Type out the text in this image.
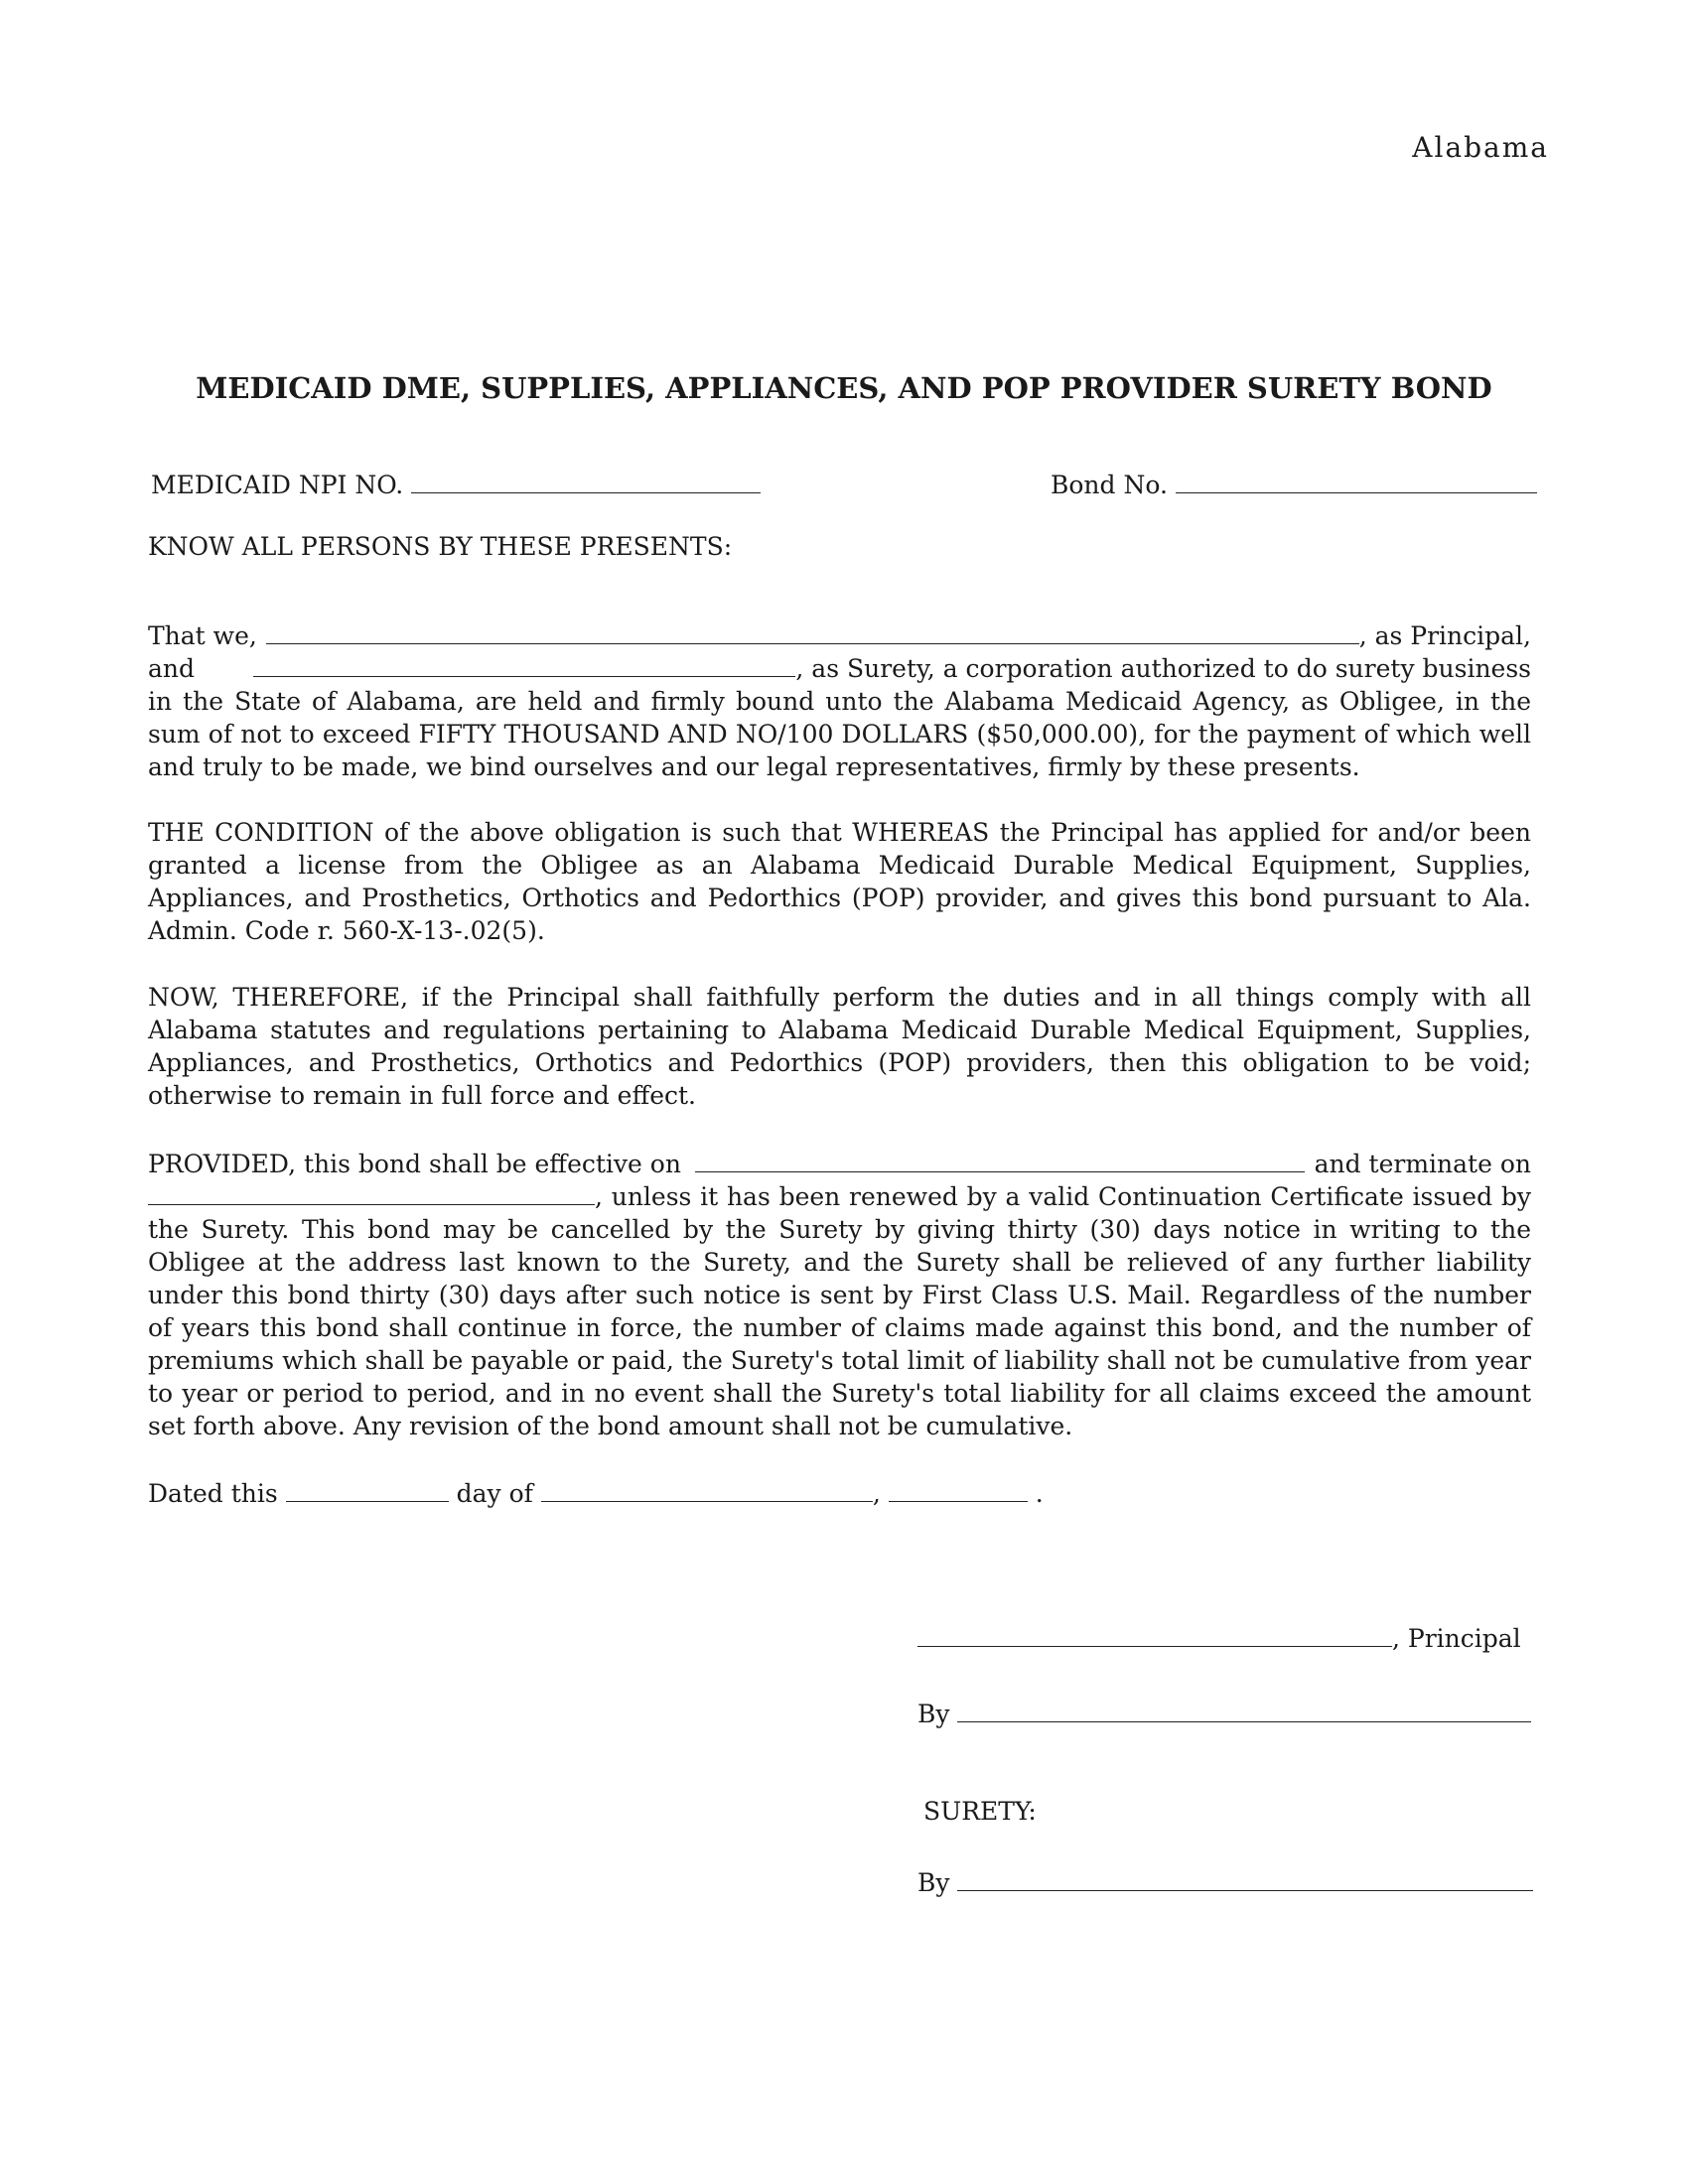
Alabama
MEDICAID DME, SUPPLIES, APPLIANCES, AND POP PROVIDER SURETY BOND
MEDICAID NPI NO.	Bond No.
KNOW ALL PERSONS BY THESE PRESENTS:
That we,	, as Principal,
and	, as Surety, a corporation authorized to do surety business
in the State of Alabama, are held and firmly bound unto the Alabama Medicaid Agency, as Obligee, in the sum of not to exceed FIFTY THOUSAND AND NO/100 DOLLARS ($50,000.00), for the payment of which well and truly to be made, we bind ourselves and our legal representatives, firmly by these presents.
THE CONDITION of the above obligation is such that WHEREAS the Principal has applied for and/or been granted a license from the Obligee as an Alabama Medicaid Durable Medical Equipment, Supplies, Appliances, and Prosthetics, Orthotics and Pedorthics (POP) provider, and gives this bond pursuant to Ala. Admin. Code r. 560-X-13-.02(5).
NOW, THEREFORE, if the Principal shall faithfully perform the duties and in all things comply with all Alabama statutes and regulations pertaining to Alabama Medicaid Durable Medical Equipment, Supplies, Appliances, and Prosthetics, Orthotics and Pedorthics (POP) providers, then this obligation to be void; otherwise to remain in full force and effect.
PROVIDED, this bond shall be effective on	and terminate on
, unless it has been renewed by a valid Continuation Certificate issued by
the Surety. This bond may be cancelled by the Surety by giving thirty (30) days notice in writing to the Obligee at the address last known to the Surety, and the Surety shall be relieved of any further liability under this bond thirty (30) days after such notice is sent by First Class U.S. Mail. Regardless of the number of years this bond shall continue in force, the number of claims made against this bond, and the number of premiums which shall be payable or paid, the Surety's total limit of liability shall not be cumulative from year to year or period to period, and in no event shall the Surety's total liability for all claims exceed the amount set forth above. Any revision of the bond amount shall not be cumulative.
Dated this	day of	,	.
, Principal
By
SURETY:
By
